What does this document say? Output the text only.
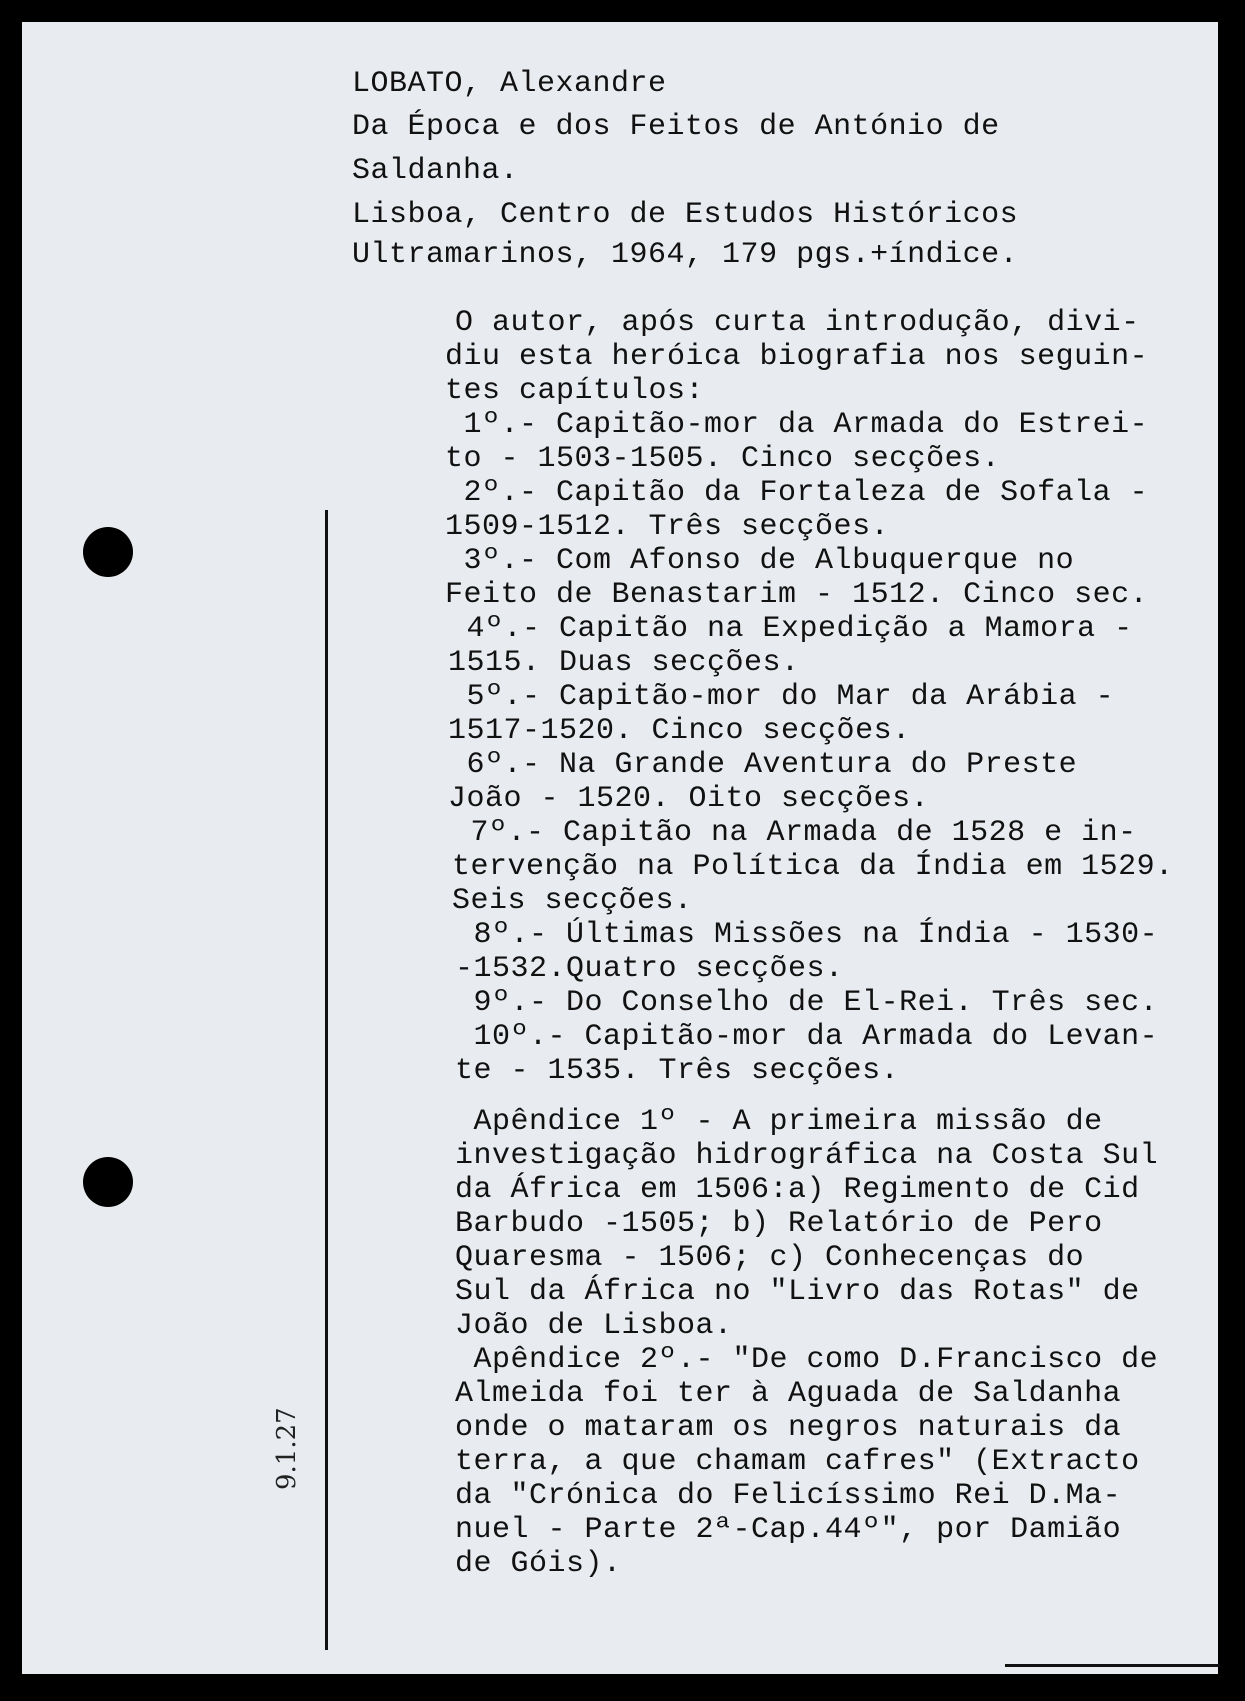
LOBATO, Alexandre
Da Época e dos Feitos de António de
Saldanha.
Lisboa, Centro de Estudos Históricos
Ultramarinos, 1964, 179 pgs.+índice.
O autor, após curta introdução, divi-
diu esta heróica biografia nos seguin-
tes capítulos:
1º.- Capitão-mor da Armada do Estrei-
to - 1503-1505. Cinco secções.
2º.- Capitão da Fortaleza de Sofala -
1509-1512. Três secções.
3º.- Com Afonso de Albuquerque no
Feito de Benastarim - 1512. Cinco sec.
4º.- Capitão na Expedição a Mamora -
1515. Duas secções.
5º.- Capitão-mor do Mar da Arábia -
1517-1520. Cinco secções.
6º.- Na Grande Aventura do Preste
João - 1520. Oito secções.
7º.- Capitão na Armada de 1528 e in-
tervenção na Política da Índia em 1529.
Seis secções.
8º.- Últimas Missões na Índia - 1530-
-1532.Quatro secções.
9º.- Do Conselho de El-Rei. Três sec.
10º.- Capitão-mor da Armada do Levan-
te - 1535. Três secções.
Apêndice 1º - A primeira missão de
investigação hidrográfica na Costa Sul
da África em 1506:a) Regimento de Cid
Barbudo -1505; b) Relatório de Pero
Quaresma - 1506; c) Conhecenças do
Sul da África no "Livro das Rotas" de
João de Lisboa.
Apêndice 2º.- "De como D.Francisco de
Almeida foi ter à Aguada de Saldanha
onde o mataram os negros naturais da
terra, a que chamam cafres" (Extracto
da "Crónica do Felicíssimo Rei D.Ma-
nuel - Parte 2ª-Cap.44º", por Damião
de Góis).
